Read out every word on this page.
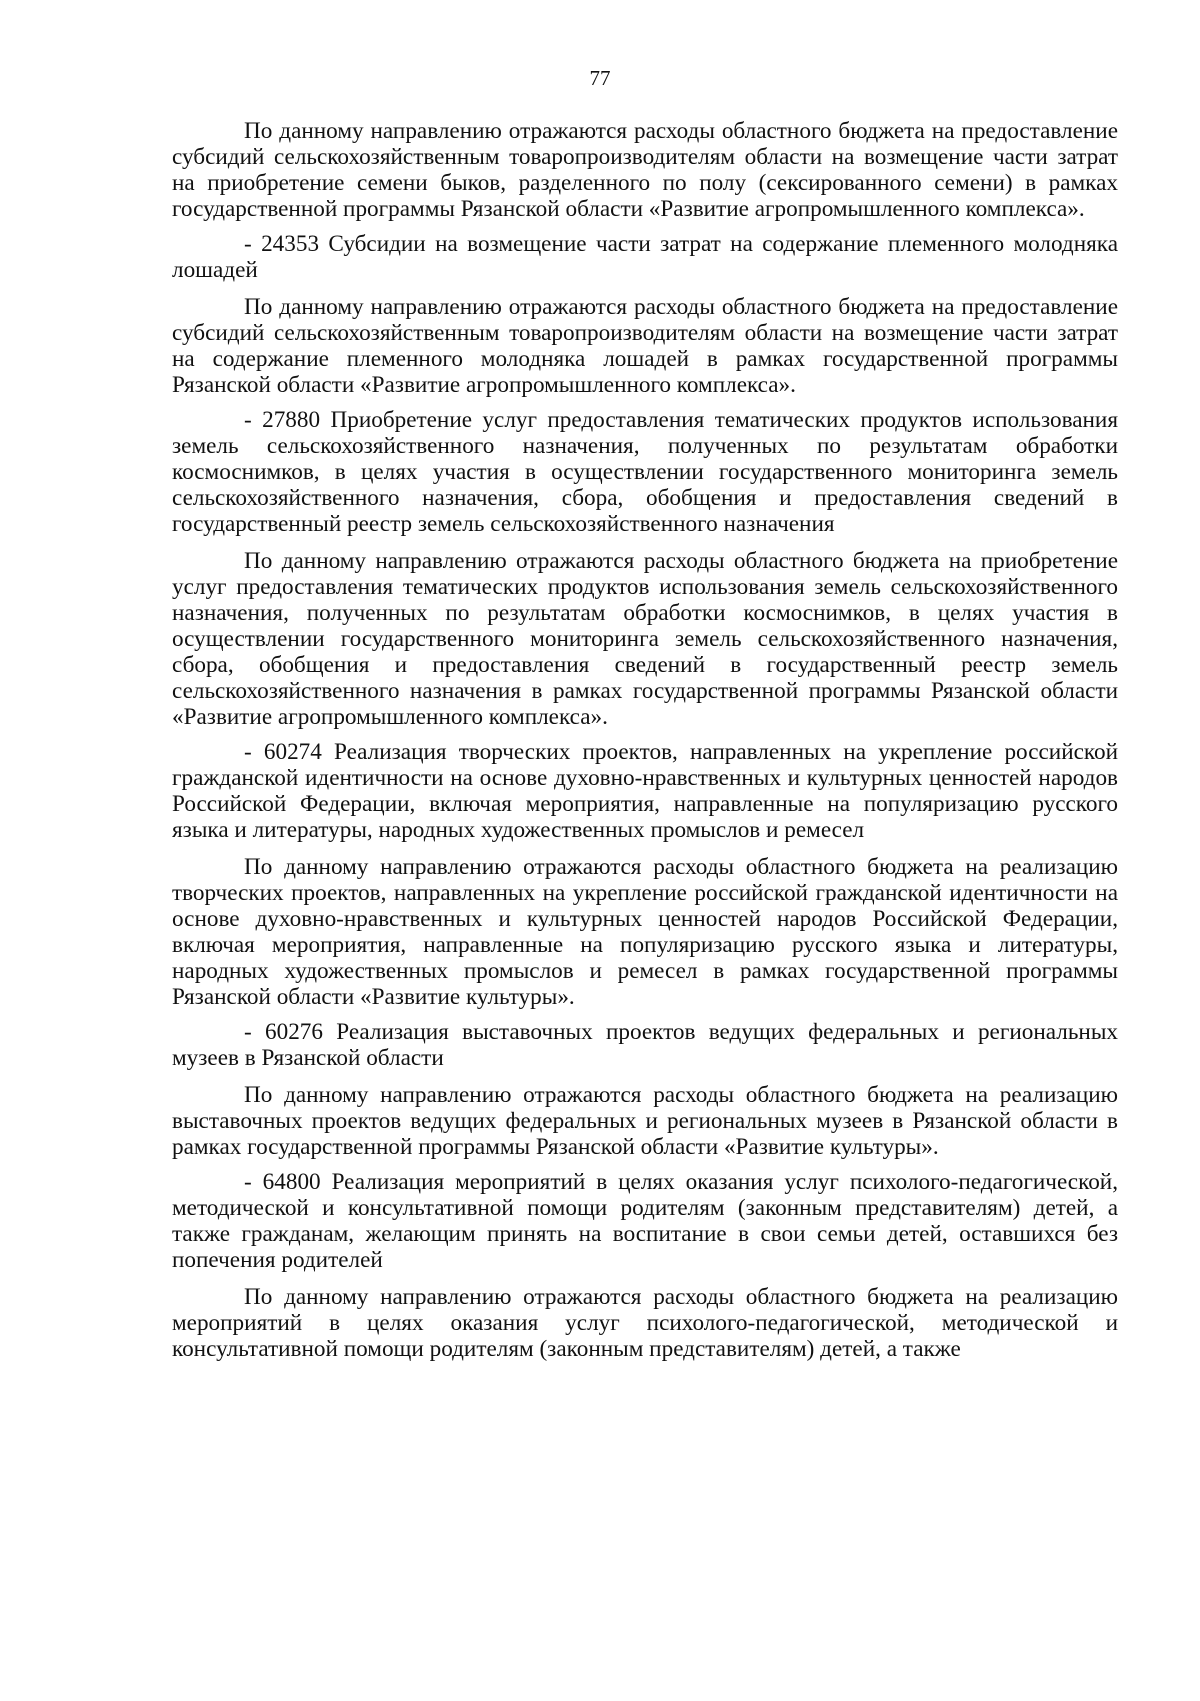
77

По данному направлению отражаются расходы областного бюджета на предоставление субсидий сельскохозяйственным товаропроизводителям области на возмещение части затрат на приобретение семени быков, разделенного по полу (сексированного семени) в рамках государственной программы Рязанской области «Развитие агропромышленного комплекса».

- 24353 Субсидии на возмещение части затрат на содержание племенного молодняка лошадей

По данному направлению отражаются расходы областного бюджета на предоставление субсидий сельскохозяйственным товаропроизводителям области на возмещение части затрат на содержание племенного молодняка лошадей в рамках государственной программы Рязанской области «Развитие агропромышленного комплекса».

- 27880 Приобретение услуг предоставления тематических продуктов использования земель сельскохозяйственного назначения, полученных по результатам обработки космоснимков, в целях участия в осуществлении государственного мониторинга земель сельскохозяйственного назначения, сбора, обобщения и предоставления сведений в государственный реестр земель сельскохозяйственного назначения

По данному направлению отражаются расходы областного бюджета на приобретение услуг предоставления тематических продуктов использования земель сельскохозяйственного назначения, полученных по результатам обработки космоснимков, в целях участия в осуществлении государственного мониторинга земель сельскохозяйственного назначения, сбора, обобщения и предоставления сведений в государственный реестр земель сельскохозяйственного назначения в рамках государственной программы Рязанской области «Развитие агропромышленного комплекса».

- 60274 Реализация творческих проектов, направленных на укрепление российской гражданской идентичности на основе духовно-нравственных и культурных ценностей народов Российской Федерации, включая мероприятия, направленные на популяризацию русского языка и литературы, народных художественных промыслов и ремесел

По данному направлению отражаются расходы областного бюджета на реализацию творческих проектов, направленных на укрепление российской гражданской идентичности на основе духовно-нравственных и культурных ценностей народов Российской Федерации, включая мероприятия, направленные на популяризацию русского языка и литературы, народных художественных промыслов и ремесел в рамках государственной программы Рязанской области «Развитие культуры».

- 60276 Реализация выставочных проектов ведущих федеральных и региональных музеев в Рязанской области

По данному направлению отражаются расходы областного бюджета на реализацию выставочных проектов ведущих федеральных и региональных музеев в Рязанской области в рамках государственной программы Рязанской области «Развитие культуры».

- 64800 Реализация мероприятий в целях оказания услуг психолого-педагогической, методической и консультативной помощи родителям (законным представителям) детей, а также гражданам, желающим принять на воспитание в свои семьи детей, оставшихся без попечения родителей

По данному направлению отражаются расходы областного бюджета на реализацию мероприятий в целях оказания услуг психолого-педагогической, методической и консультативной помощи родителям (законным представителям) детей, а также
